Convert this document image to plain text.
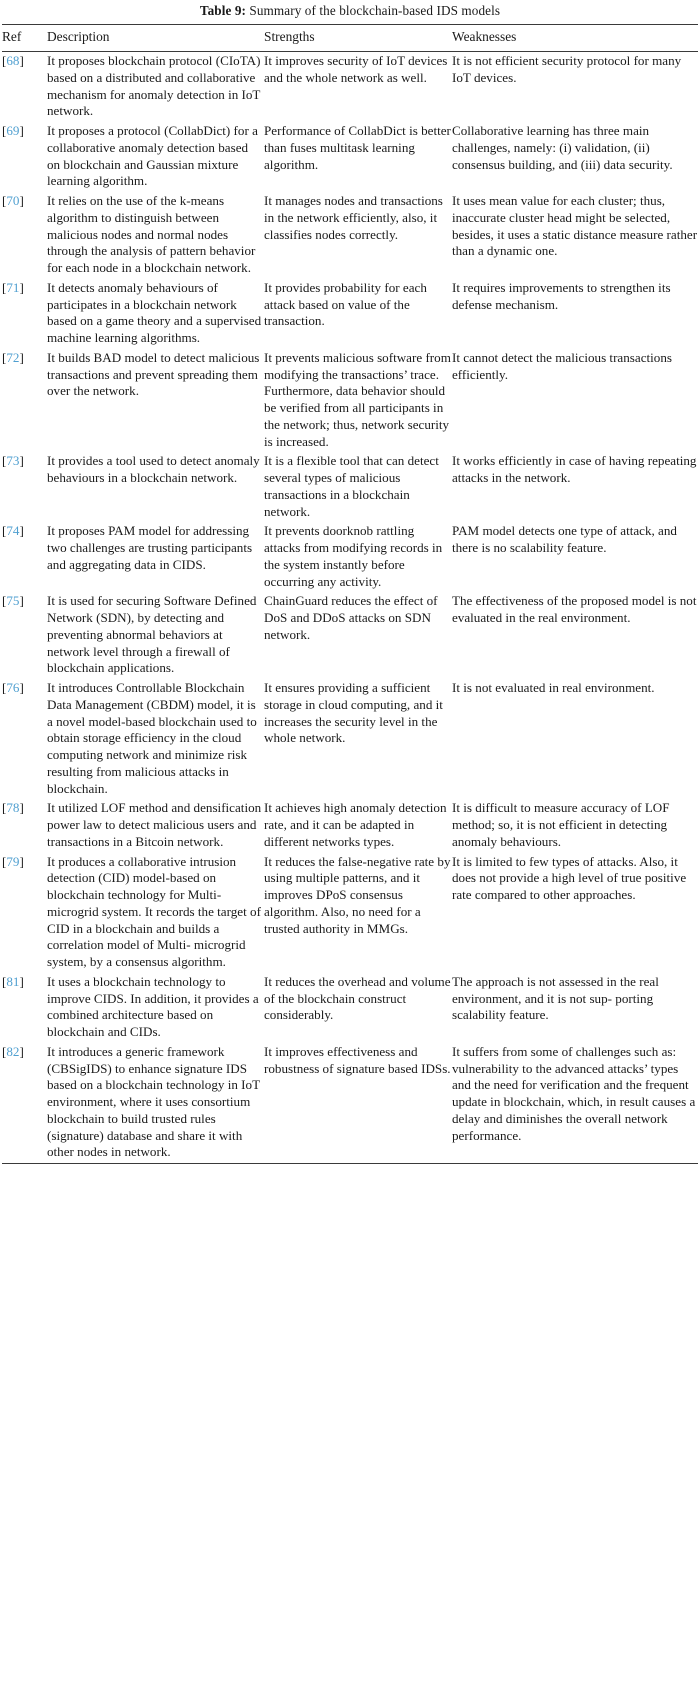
Table 9: Summary of the blockchain-based IDS models
Ref	Description	Strengths	Weaknesses
[68]	It proposes blockchain protocol (CIoTA) based on a distributed and collaborative mechanism for anomaly detection in IoT network.	It improves security of IoT devices and the whole network as well.	It is not efficient security protocol for many IoT devices.
[69]	It proposes a protocol (CollabDict) for a collaborative anomaly detection based on blockchain and Gaussian mixture learning algorithm.	Performance of CollabDict is better than fuses multitask learning algorithm.	Collaborative learning has three main challenges, namely: (i) validation, (ii) consensus building, and (iii) data security.
[70]	It relies on the use of the k-means algorithm to distinguish between malicious nodes and normal nodes through the analysis of pattern behavior for each node in a blockchain network.	It manages nodes and transactions in the network efficiently, also, it classifies nodes correctly.	It uses mean value for each cluster; thus, inaccurate cluster head might be selected, besides, it uses a static distance measure rather than a dynamic one.
[71]	It detects anomaly behaviours of participates in a blockchain network based on a game theory and a supervised machine learning algorithms.	It provides probability for each attack based on value of the transaction.	It requires improvements to strengthen its defense mechanism.
[72]	It builds BAD model to detect malicious transactions and prevent spreading them over the network.	It prevents malicious software from modifying the transactions’ trace. Furthermore, data behavior should be verified from all participants in the network; thus, network security is increased.	It cannot detect the malicious transactions efficiently.
[73]	It provides a tool used to detect anomaly behaviours in a blockchain network.	It is a flexible tool that can detect several types of malicious transactions in a blockchain network.	It works efficiently in case of having repeating attacks in the network.
[74]	It proposes PAM model for addressing two challenges are trusting participants and aggregating data in CIDS.	It prevents doorknob rattling attacks from modifying records in the system instantly before occurring any activity.	PAM model detects one type of attack, and there is no scalability feature.
[75]	It is used for securing Software Defined Network (SDN), by detecting and preventing abnormal behaviors at network level through a firewall of blockchain applications.	ChainGuard reduces the effect of DoS and DDoS attacks on SDN network.	The effectiveness of the proposed model is not evaluated in the real environment.
[76]	It introduces Controllable Blockchain Data Management (CBDM) model, it is a novel model-based blockchain used to obtain storage efficiency in the cloud computing network and minimize risk resulting from malicious attacks in blockchain.	It ensures providing a sufficient storage in cloud computing, and it increases the security level in the whole network.	It is not evaluated in real environment.
[78]	It utilized LOF method and densification power law to detect malicious users and transactions in a Bitcoin network.	It achieves high anomaly detection rate, and it can be adapted in different networks types.	It is difficult to measure accuracy of LOF method; so, it is not efficient in detecting anomaly behaviours.
[79]	It produces a collaborative intrusion detection (CID) model-based on blockchain technology for Multi-microgrid system. It records the target of CID in a blockchain and builds a correlation model of Multi- microgrid system, by a consensus algorithm.	It reduces the false-negative rate by using multiple patterns, and it improves DPoS consensus algorithm. Also, no need for a trusted authority in MMGs.	It is limited to few types of attacks. Also, it does not provide a high level of true positive rate compared to other approaches.
[81]	It uses a blockchain technology to improve CIDS. In addition, it provides a combined architecture based on blockchain and CIDs.	It reduces the overhead and volume of the blockchain construct considerably.	The approach is not assessed in the real environment, and it is not sup- porting scalability feature.
[82]	It introduces a generic framework (CBSigIDS) to enhance signature IDS based on a blockchain technology in IoT environment, where it uses consortium blockchain to build trusted rules (signature) database and share it with other nodes in network.	It improves effectiveness and robustness of signature based IDSs.	It suffers from some of challenges such as: vulnerability to the advanced attacks’ types and the need for verification and the frequent update in blockchain, which, in result causes a delay and diminishes the overall network performance.
